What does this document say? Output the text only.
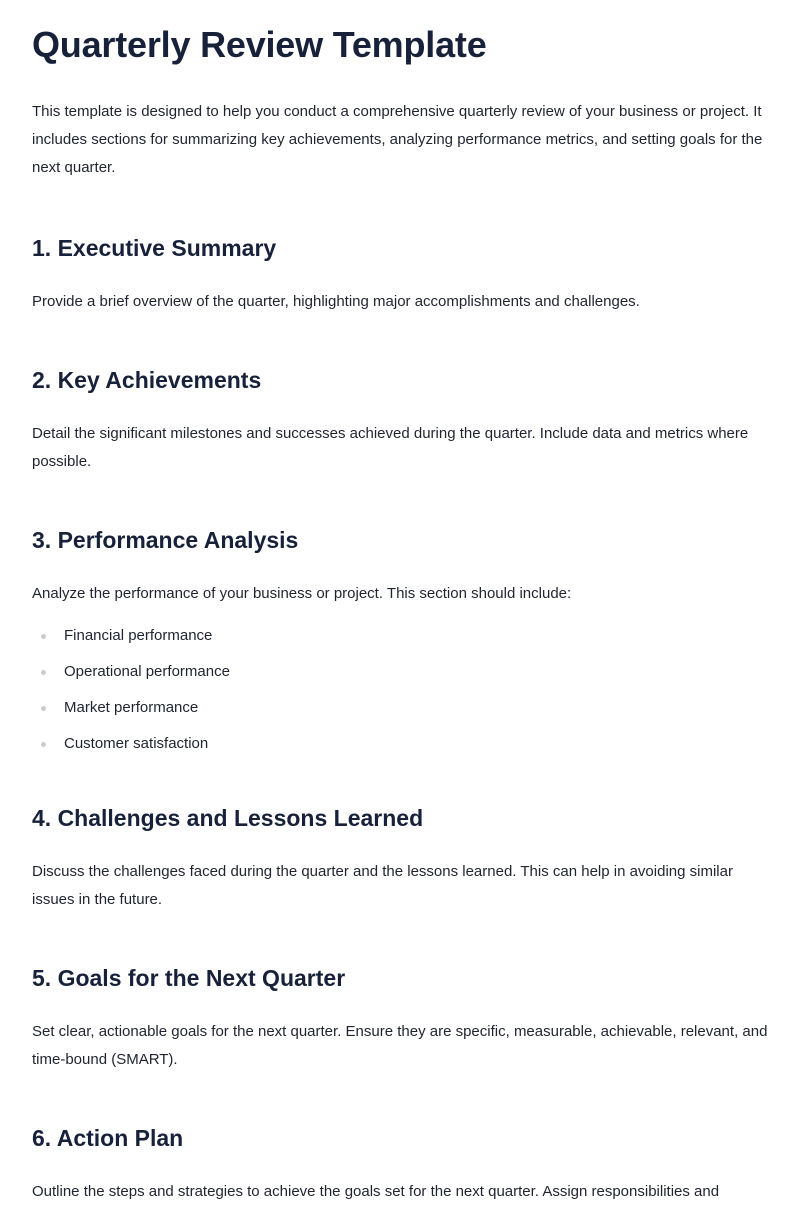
Quarterly Review Template

This template is designed to help you conduct a comprehensive quarterly review of your business or project. It includes sections for summarizing key achievements, analyzing performance metrics, and setting goals for the next quarter.

1. Executive Summary

Provide a brief overview of the quarter, highlighting major accomplishments and challenges.

2. Key Achievements

Detail the significant milestones and successes achieved during the quarter. Include data and metrics where possible.

3. Performance Analysis

Analyze the performance of your business or project. This section should include:

Financial performance
Operational performance
Market performance
Customer satisfaction
4. Challenges and Lessons Learned

Discuss the challenges faced during the quarter and the lessons learned. This can help in avoiding similar issues in the future.

5. Goals for the Next Quarter

Set clear, actionable goals for the next quarter. Ensure they are specific, measurable, achievable, relevant, and time-bound (SMART).

6. Action Plan

Outline the steps and strategies to achieve the goals set for the next quarter. Assign responsibilities and
